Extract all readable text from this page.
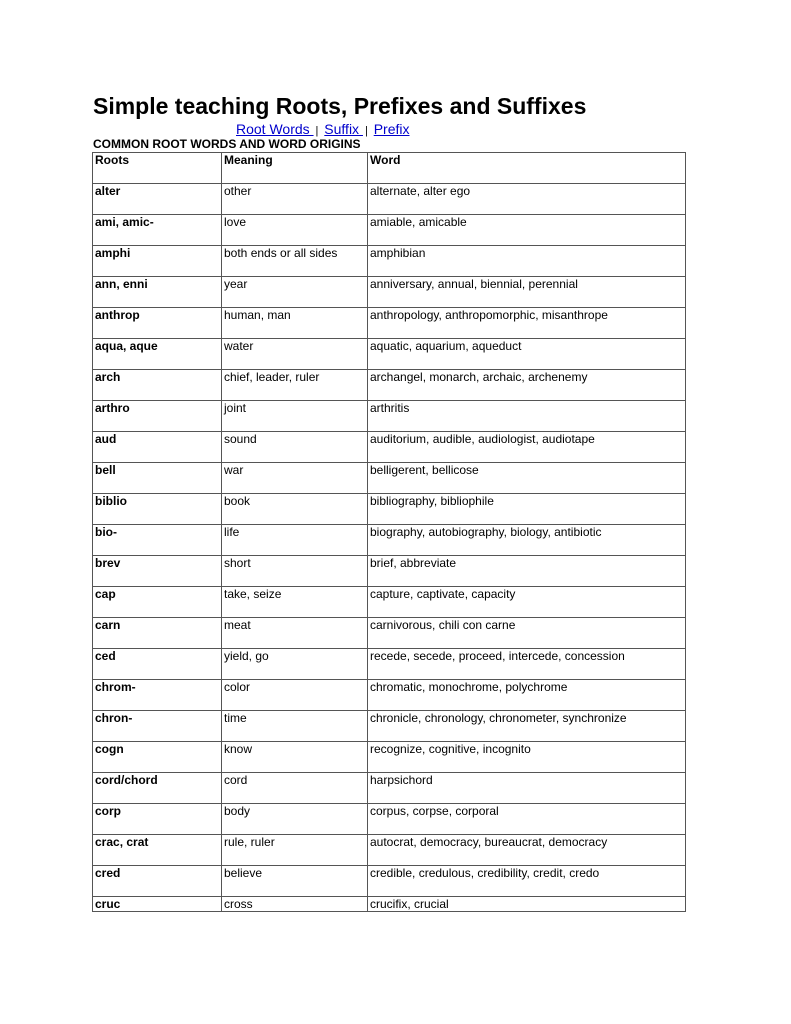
Simple teaching Roots, Prefixes and Suffixes
Root Words | Suffix | Prefix
COMMON ROOT WORDS AND WORD ORIGINS
Roots	Meaning	Word
alter	other	alternate, alter ego
ami, amic-	love	amiable, amicable
amphi	both ends or all sides	amphibian
ann, enni	year	anniversary, annual, biennial, perennial
anthrop	human, man	anthropology, anthropomorphic, misanthrope
aqua, aque	water	aquatic, aquarium, aqueduct
arch	chief, leader, ruler	archangel, monarch, archaic, archenemy
arthro	joint	arthritis
aud	sound	auditorium, audible, audiologist, audiotape
bell	war	belligerent, bellicose
biblio	book	bibliography, bibliophile
bio-	life	biography, autobiography, biology, antibiotic
brev	short	brief, abbreviate
cap	take, seize	capture, captivate, capacity
carn	meat	carnivorous, chili con carne
ced	yield, go	recede, secede, proceed, intercede, concession
chrom-	color	chromatic, monochrome, polychrome
chron-	time	chronicle, chronology, chronometer, synchronize
cogn	know	recognize, cognitive, incognito
cord/chord	cord	harpsichord
corp	body	corpus, corpse, corporal
crac, crat	rule, ruler	autocrat, democracy, bureaucrat, democracy
cred	believe	credible, credulous, credibility, credit, credo
cruc	cross	crucifix, crucial
